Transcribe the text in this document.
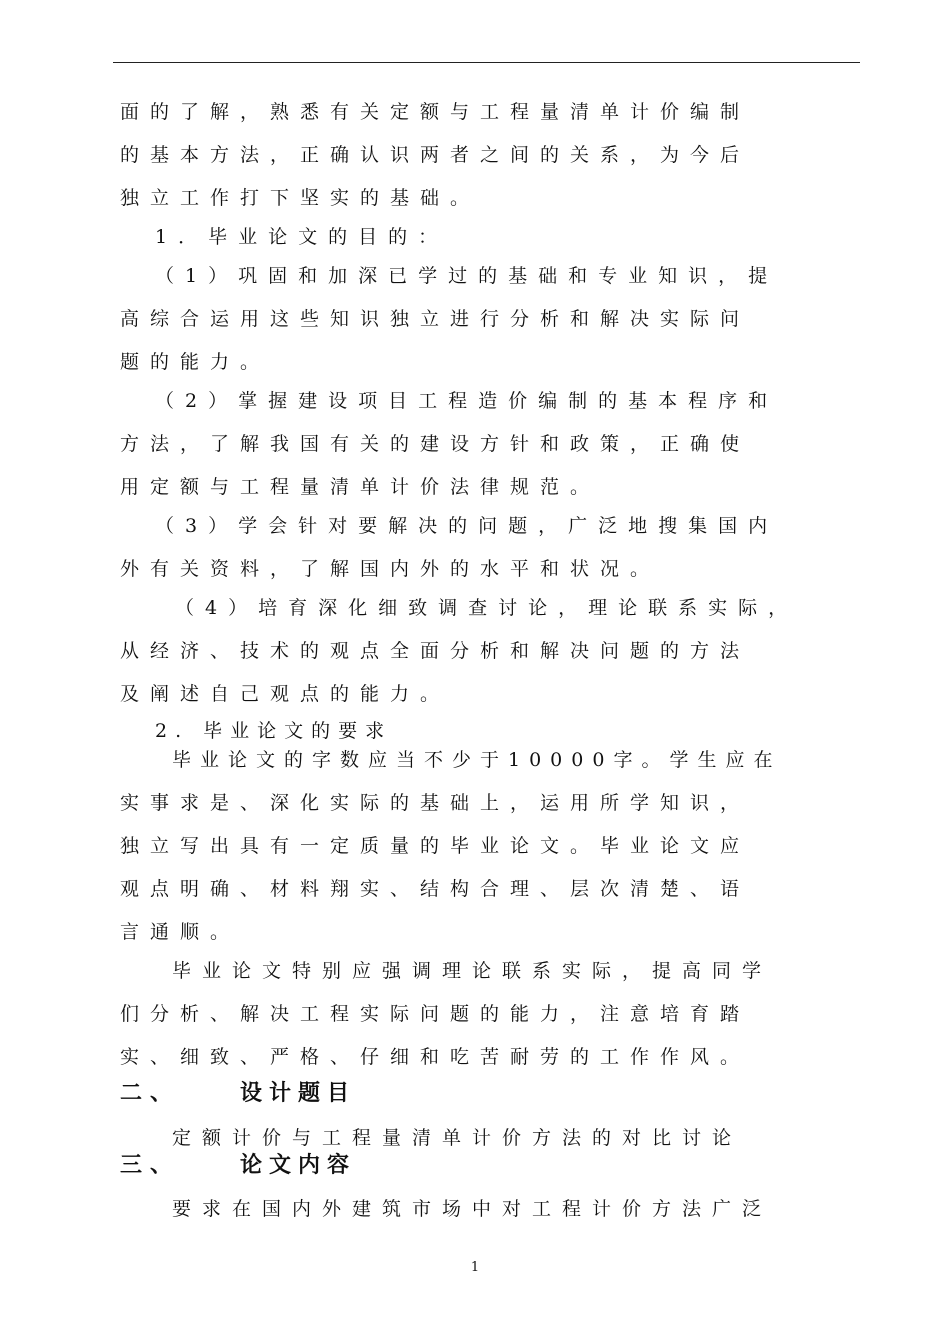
面的了解，熟悉有关定额与工程量清单计价编制
的基本方法，正确认识两者之间的关系，为今后
独立工作打下坚实的基础。
1．毕业论文的目的：
（1）巩固和加深已学过的基础和专业知识，提
高综合运用这些知识独立进行分析和解决实际问
题的能力。
（2）掌握建设项目工程造价编制的基本程序和
方法，了解我国有关的建设方针和政策，正确使
用定额与工程量清单计价法律规范。
（3）学会针对要解决的问题，广泛地搜集国内
外有关资料，了解国内外的水平和状况。
（4）培育深化细致调查讨论，理论联系实际，
从经济、技术的观点全面分析和解决问题的方法
及阐述自己观点的能力。
2. 毕业论文的要求
毕业论文的字数应当不少于10000字。学生应在
实事求是、深化实际的基础上，运用所学知识，
独立写出具有一定质量的毕业论文。毕业论文应
观点明确、材料翔实、结构合理、层次清楚、语
言通顺。
毕业论文特别应强调理论联系实际，提高同学
们分析、解决工程实际问题的能力，注意培育踏
实、细致、严格、仔细和吃苦耐劳的工作作风。
二、	设计题目
定额计价与工程量清单计价方法的对比讨论
三、	论文内容
要求在国内外建筑市场中对工程计价方法广泛
1
